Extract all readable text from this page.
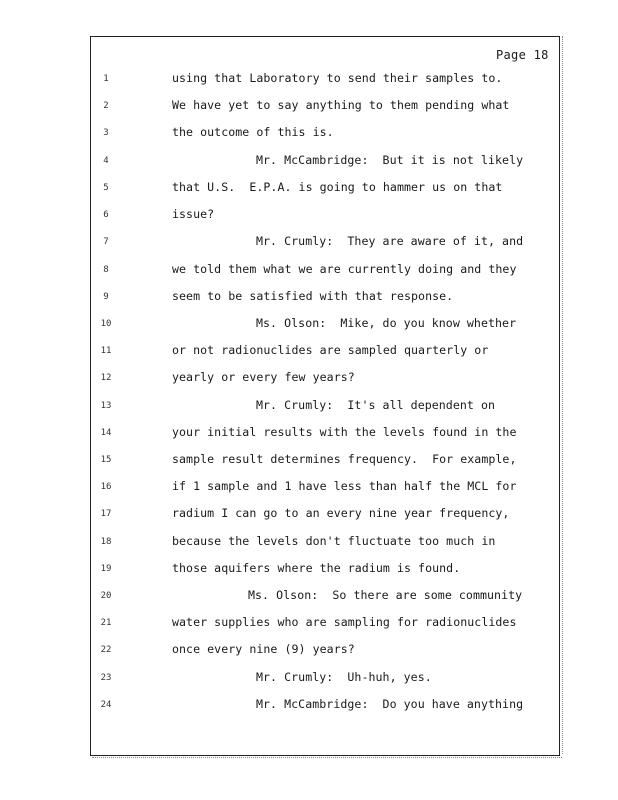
Page 18
1	using that Laboratory to send their samples to.
2	We have yet to say anything to them pending what
3	the outcome of this is.
4	Mr. McCambridge:  But it is not likely
5	that U.S.  E.P.A. is going to hammer us on that
6	issue?
7	Mr. Crumly:  They are aware of it, and
8	we told them what we are currently doing and they
9	seem to be satisfied with that response.
10	Ms. Olson:  Mike, do you know whether
11	or not radionuclides are sampled quarterly or
12	yearly or every few years?
13	Mr. Crumly:  It's all dependent on
14	your initial results with the levels found in the
15	sample result determines frequency.  For example,
16	if 1 sample and 1 have less than half the MCL for
17	radium I can go to an every nine year frequency,
18	because the levels don't fluctuate too much in
19	those aquifers where the radium is found.
20	Ms. Olson:  So there are some community
21	water supplies who are sampling for radionuclides
22	once every nine (9) years?
23	Mr. Crumly:  Uh-huh, yes.
24	Mr. McCambridge:  Do you have anything
